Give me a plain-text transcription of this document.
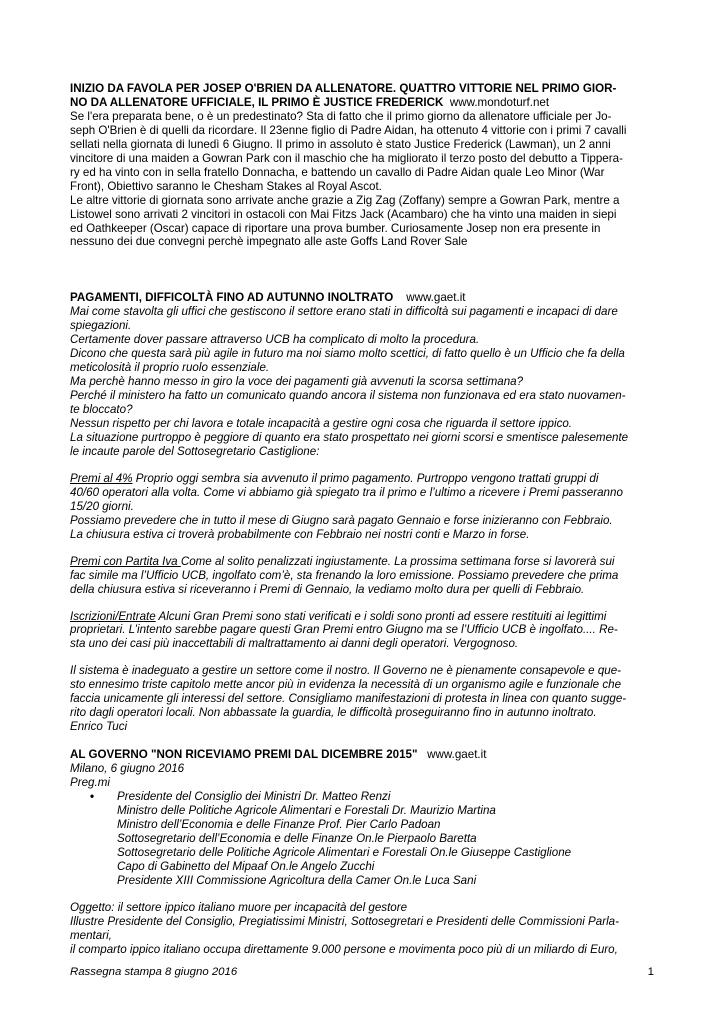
INIZIO DA FAVOLA PER JOSEP O'BRIEN DA ALLENATORE. QUATTRO VITTORIE NEL PRIMO GIOR-

NO DA ALLENATORE UFFICIALE, IL PRIMO È JUSTICE FREDERICK www.mondoturf.net

Se l'era preparata bene, o è un predestinato? Sta di fatto che il primo giorno da allenatore ufficiale per Jo-

seph O'Brien è di quelli da ricordare. Il 23enne figlio di Padre Aidan, ha ottenuto 4 vittorie con i primi 7 cavalli

sellati nella giornata di lunedì 6 Giugno. Il primo in assoluto è stato Justice Frederick (Lawman), un 2 anni

vincitore di una maiden a Gowran Park con il maschio che ha migliorato il terzo posto del debutto a Tippera-

ry ed ha vinto con in sella fratello Donnacha, e battendo un cavallo di Padre Aidan quale Leo Minor (War

Front), Obiettivo saranno le Chesham Stakes al Royal Ascot.

Le altre vittorie di giornata sono arrivate anche grazie a Zig Zag (Zoffany) sempre a Gowran Park, mentre a

Listowel sono arrivati 2 vincitori in ostacoli con Mai Fitzs Jack (Acambaro) che ha vinto una maiden in siepi

ed Oathkeeper (Oscar) capace di riportare una prova bumber. Curiosamente Josep non era presente in

nessuno dei due convegni perchè impegnato alle aste Goffs Land Rover Sale

PAGAMENTI, DIFFICOLTÀ FINO AD AUTUNNO INOLTRATO www.gaet.it

Mai come stavolta gli uffici che gestiscono il settore erano stati in difficoltà sui pagamenti e incapaci di dare

spiegazioni.

Certamente dover passare attraverso UCB ha complicato di molto la procedura.

Dicono che questa sarà più agile in futuro ma noi siamo molto scettici, di fatto quello è un Ufficio che fa della

meticolosità il proprio ruolo essenziale.

Ma perchè hanno messo in giro la voce dei pagamenti già avvenuti la scorsa settimana?

Perché il ministero ha fatto un comunicato quando ancora il sistema non funzionava ed era stato nuovamen-

te bloccato?

Nessun rispetto per chi lavora e totale incapacità a gestire ogni cosa che riguarda il settore ippico.

La situazione purtroppo è peggiore di quanto era stato prospettato nei giorni scorsi e smentisce palesemente

le incaute parole del Sottosegretario Castiglione:

Premi al 4% Proprio oggi sembra sia avvenuto il primo pagamento. Purtroppo vengono trattati gruppi di

40/60 operatori alla volta. Come vi abbiamo già spiegato tra il primo e l’ultimo a ricevere i Premi passeranno

15/20 giorni.

Possiamo prevedere che in tutto il mese di Giugno sarà pagato Gennaio e forse inizieranno con Febbraio.

La chiusura estiva ci troverà probabilmente con Febbraio nei nostri conti e Marzo in forse.

Premi con Partita Iva Come al solito penalizzati ingiustamente. La prossima settimana forse si lavorerà sui

fac simile ma l’Ufficio UCB, ingolfato com’è, sta frenando la loro emissione. Possiamo prevedere che prima

della chiusura estiva si riceveranno i Premi di Gennaio, la vediamo molto dura per quelli di Febbraio.

Iscrizioni/Entrate Alcuni Gran Premi sono stati verificati e i soldi sono pronti ad essere restituiti ai legittimi

proprietari. L’intento sarebbe pagare questi Gran Premi entro Giugno ma se l’Ufficio UCB è ingolfato.... Re-

sta uno dei casi più inaccettabili di maltrattamento ai danni degli operatori. Vergognoso.

Il sistema è inadeguato a gestire un settore come il nostro. Il Governo ne è pienamente consapevole e que-

sto ennesimo triste capitolo mette ancor più in evidenza la necessità di un organismo agile e funzionale che

faccia unicamente gli interessi del settore. Consigliamo manifestazioni di protesta in linea con quanto sugge-

rito dagli operatori locali. Non abbassate la guardia, le difficoltà proseguiranno fino in autunno inoltrato.

Enrico Tuci

AL GOVERNO "NON RICEVIAMO PREMI DAL DICEMBRE 2015" www.gaet.it

Milano, 6 giugno 2016

Preg.mi

• Presidente del Consiglio dei Ministri Dr. Matteo Renzi

Ministro delle Politiche Agricole Alimentari e Forestali Dr. Maurizio Martina

Ministro dell’Economia e delle Finanze Prof. Pier Carlo Padoan

Sottosegretario dell’Economia e delle Finanze On.le Pierpaolo Baretta

Sottosegretario delle Politiche Agricole Alimentari e Forestali On.le Giuseppe Castiglione

Capo di Gabinetto del Mipaaf On.le Angelo Zucchi

Presidente XIII Commissione Agricoltura della Camer On.le Luca Sani

Oggetto: il settore ippico italiano muore per incapacità del gestore

Illustre Presidente del Consiglio, Pregiatissimi Ministri, Sottosegretari e Presidenti delle Commissioni Parla-

mentari,

il comparto ippico italiano occupa direttamente 9.000 persone e movimenta poco più di un miliardo di Euro,

Rassegna stampa 8 giugno 2016	1
